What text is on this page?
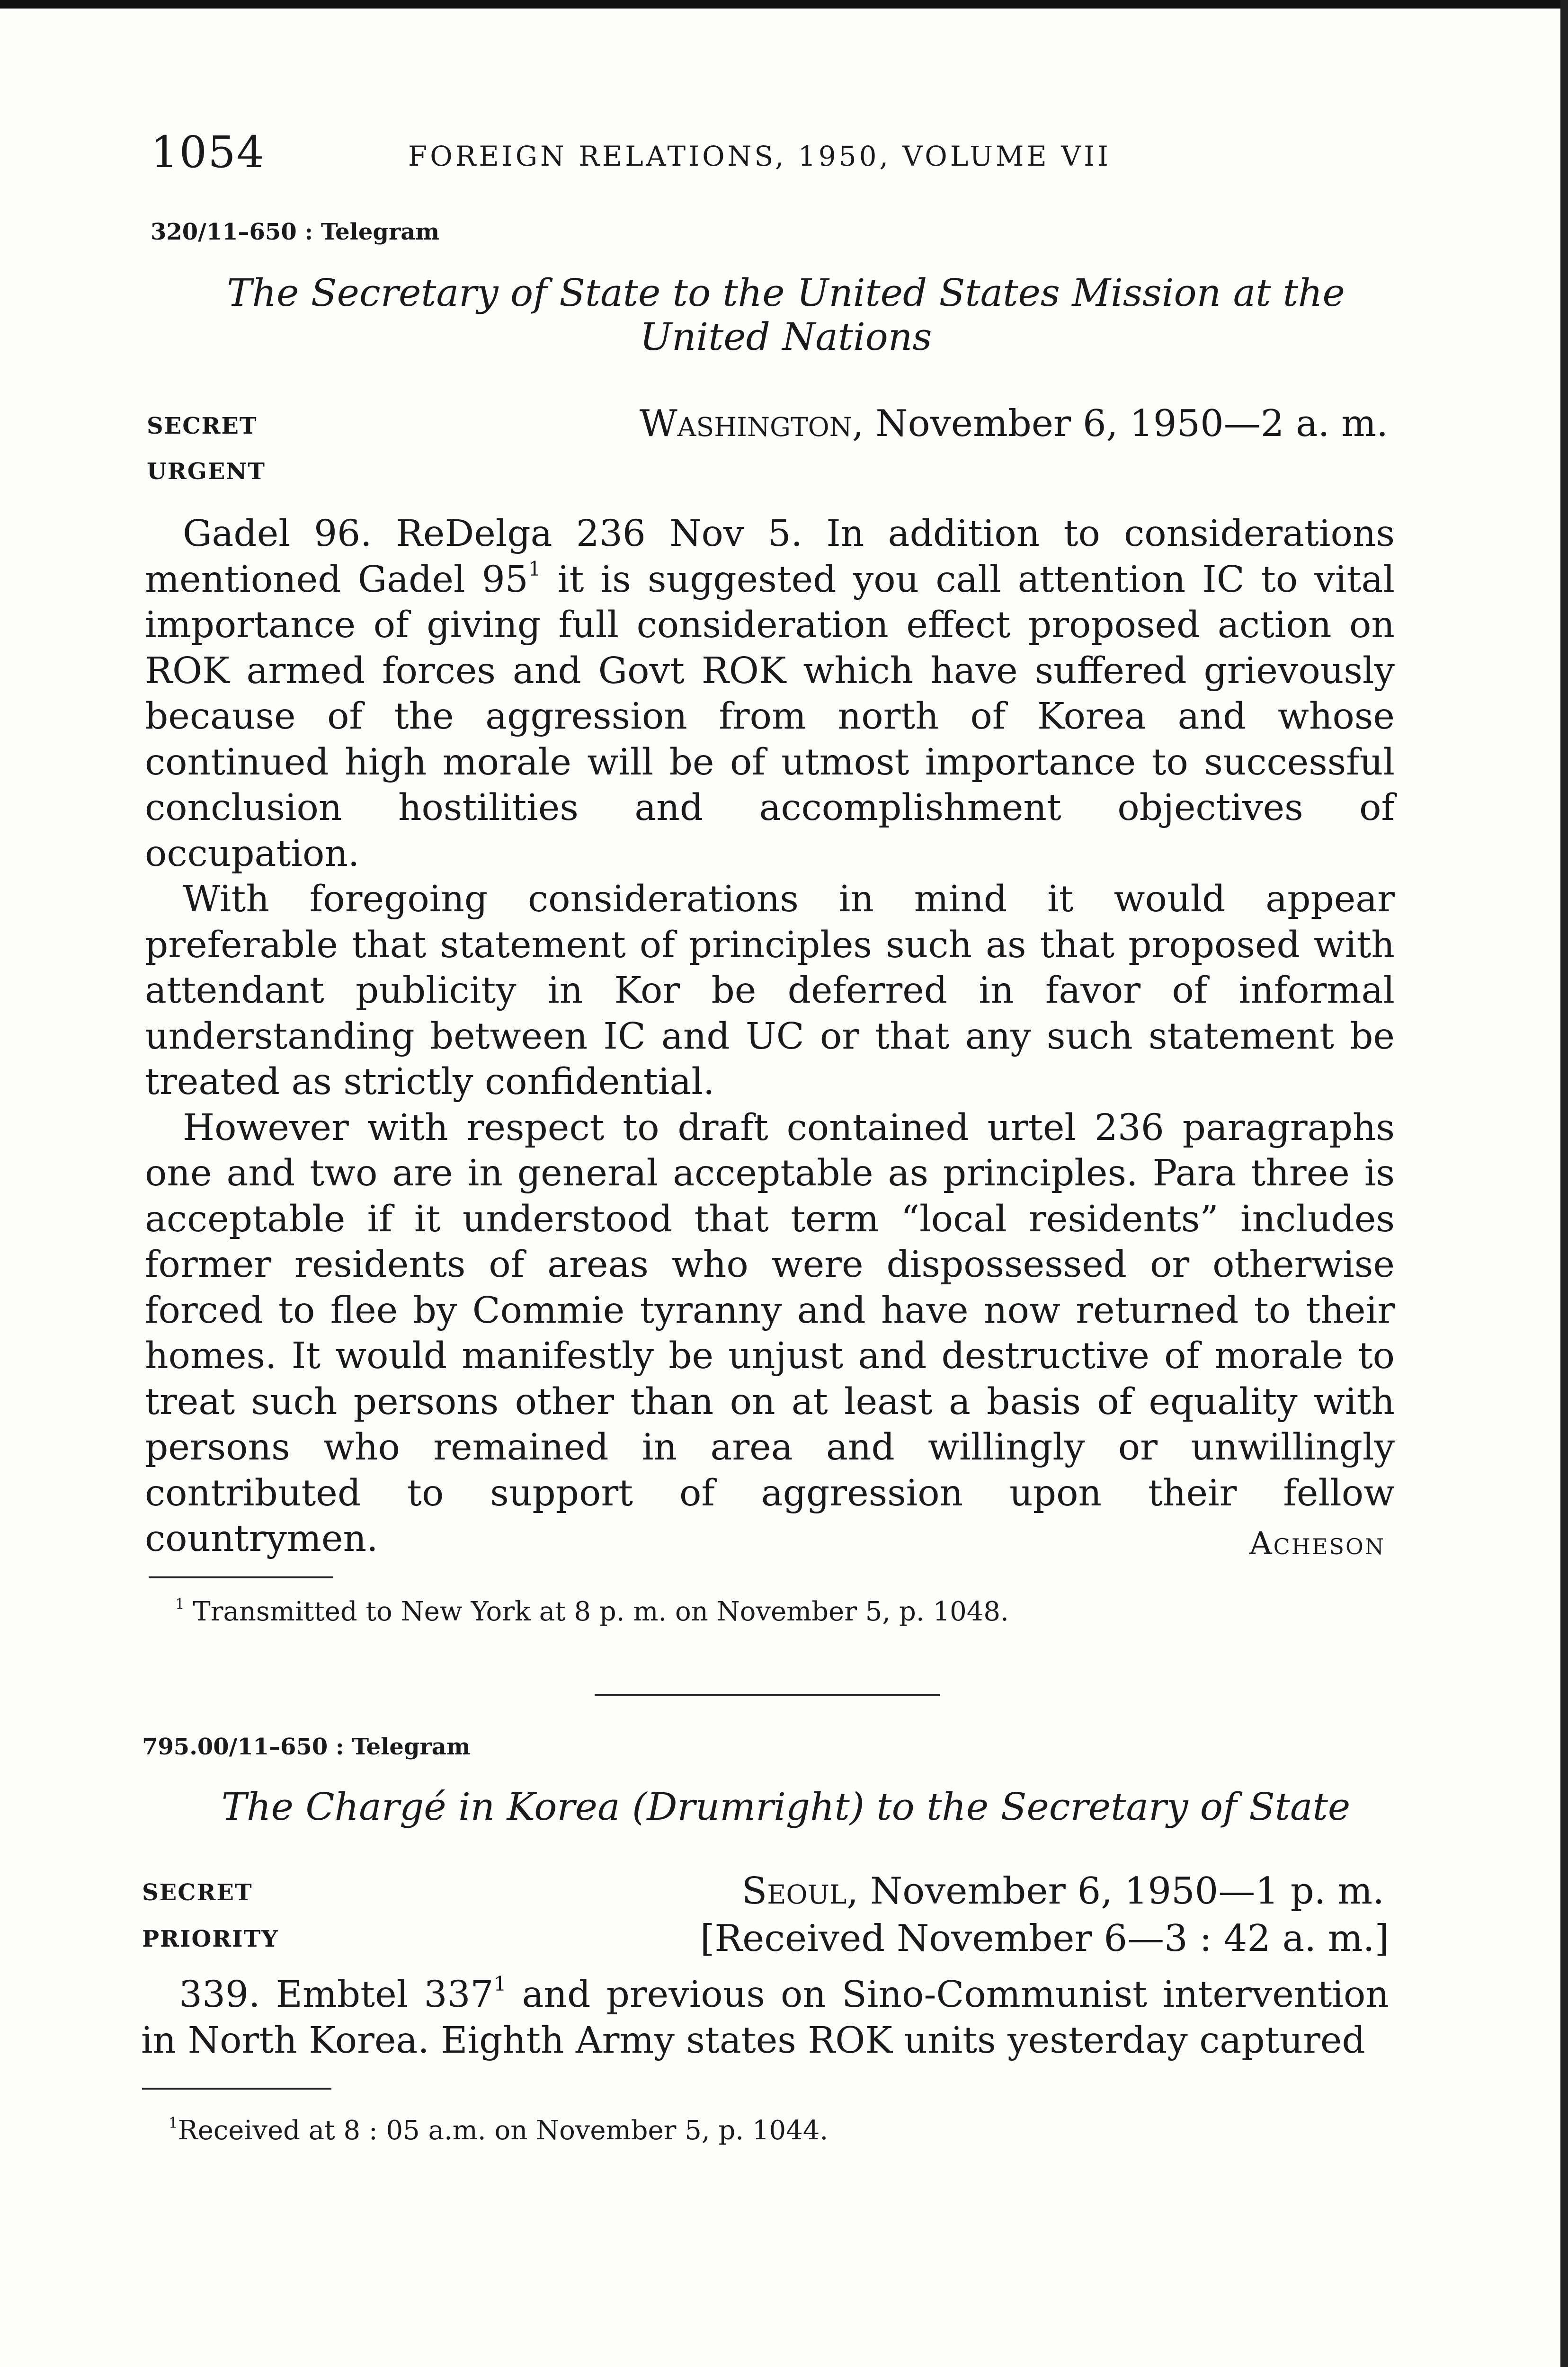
1054	FOREIGN RELATIONS, 1950, VOLUME VII
320/11–650 : Telegram
The Secretary of State to the United States Mission at the
United Nations
SECRET
URGENT
Washington, November 6, 1950—2 a. m.

Gadel 96. ReDelga 236 Nov 5. In addition to considerations mentioned Gadel $95^1$ it is suggested you call attention IC to vital importance of giving full consideration effect proposed action on ROK armed forces and Govt ROK which have suffered grievously because of the aggression from north of Korea and whose continued high morale will be of utmost importance to successful conclusion hostilities and accomplishment objectives of occupation.

With foregoing considerations in mind it would appear preferable that statement of principles such as that proposed with attendant publicity in Kor be deferred in favor of informal understanding between IC and UC or that any such statement be treated as strictly confidential.

However with respect to draft contained urtel 236 paragraphs one and two are in general acceptable as principles. Para three is acceptable if it understood that term “local residents” includes former residents of areas who were dispossessed or otherwise forced to flee by Commie tyranny and have now returned to their homes. It would manifestly be unjust and destructive of morale to treat such persons other than on at least a basis of equality with persons who remained in area and willingly or unwillingly contributed to support of aggression upon their fellow countrymen.	Acheson
$^1$ Transmitted to New York at 8 p. m. on November 5, p. 1048.
795.00/11–650 : Telegram
The Chargé in Korea (Drumright) to the Secretary of State
SECRET
PRIORITY
Seoul, November 6, 1950—1 p. m.
[Received November 6—3 : 42 a. m.]

339. Embtel $337^1$ and previous on Sino-Communist intervention in North Korea. Eighth Army states ROK units yesterday captured

$^1$Received at 8 : 05 a.m. on November 5, p. 1044.
